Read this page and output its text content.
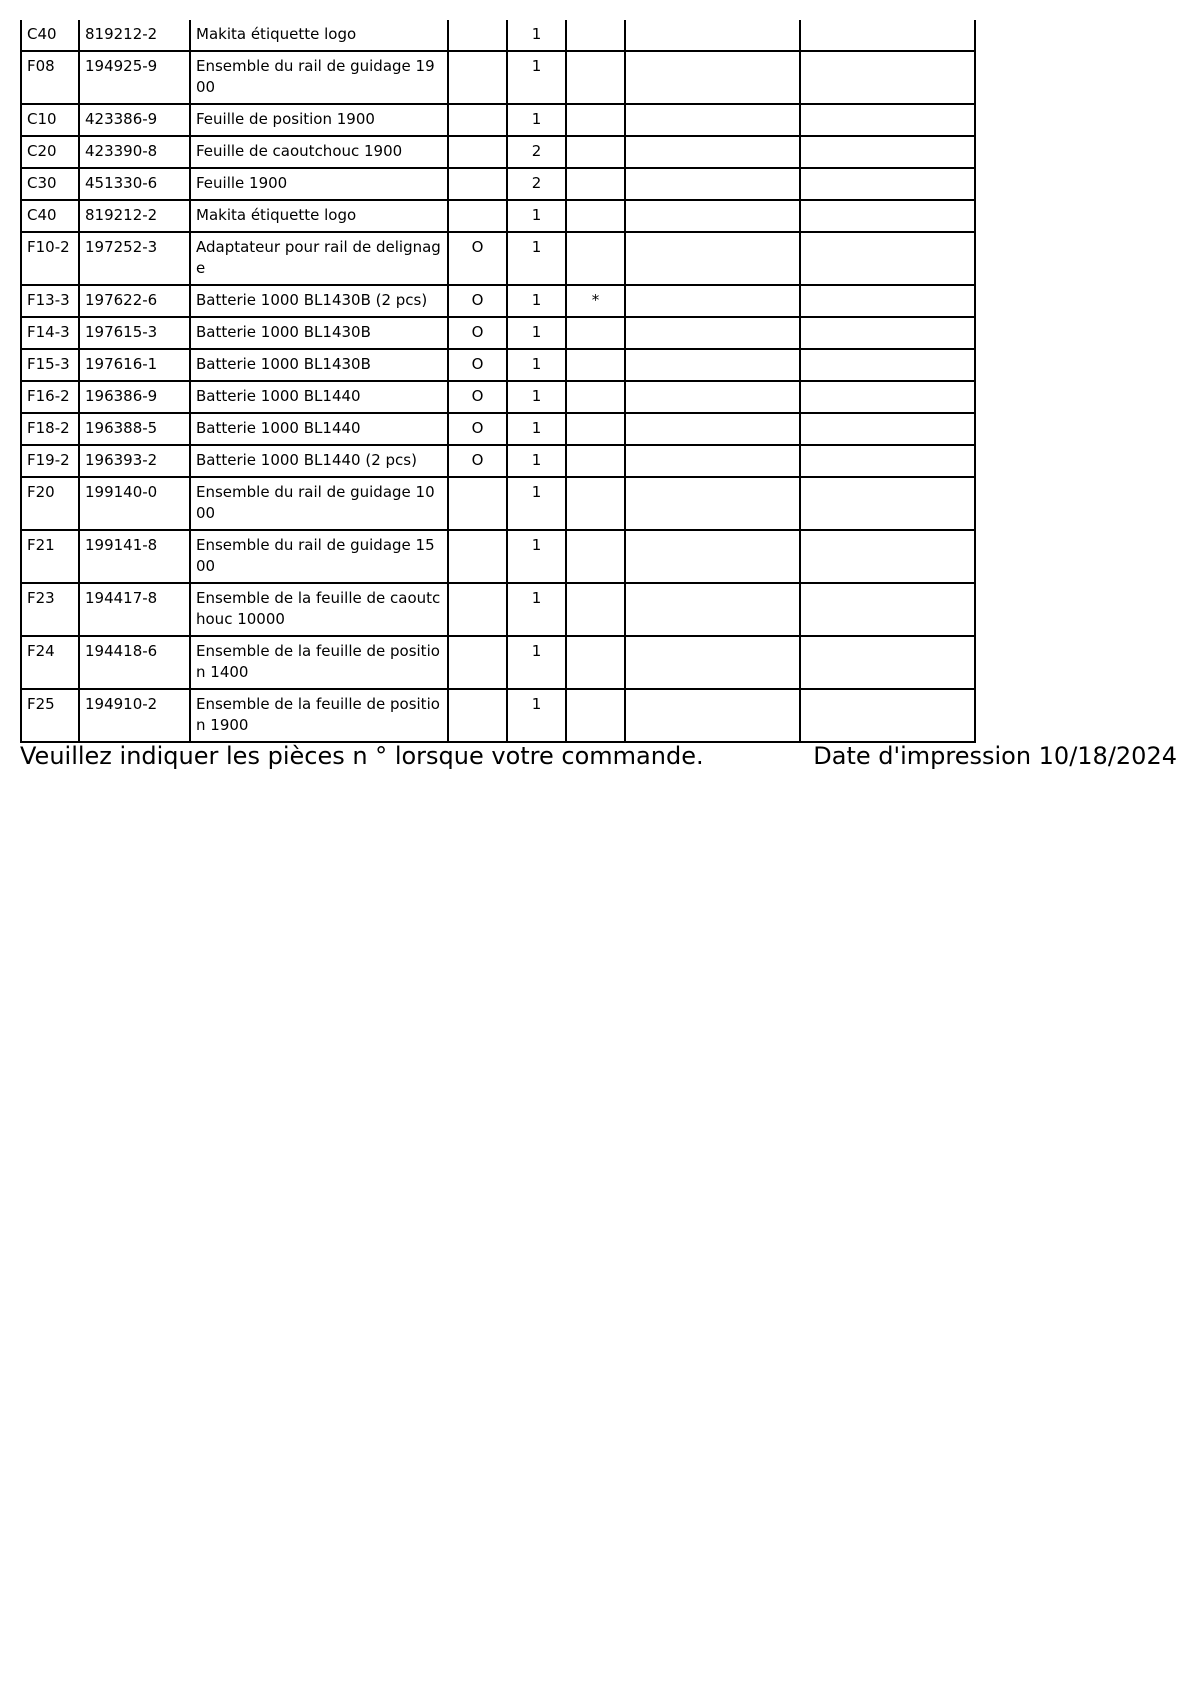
C40	819212-2	Makita étiquette logo		1			
F08	194925-9	Ensemble du rail de guidage 1900		1			
C10	423386-9	Feuille de position 1900		1			
C20	423390-8	Feuille de caoutchouc 1900		2			
C30	451330-6	Feuille 1900		2			
C40	819212-2	Makita étiquette logo		1			
F10-2	197252-3	Adaptateur pour rail de delignage	O	1			
F13-3	197622-6	Batterie 1000 BL1430B (2 pcs)	O	1	*		
F14-3	197615-3	Batterie 1000 BL1430B	O	1			
F15-3	197616-1	Batterie 1000 BL1430B	O	1			
F16-2	196386-9	Batterie 1000 BL1440	O	1			
F18-2	196388-5	Batterie 1000 BL1440	O	1			
F19-2	196393-2	Batterie 1000 BL1440 (2 pcs)	O	1			
F20	199140-0	Ensemble du rail de guidage 1000		1			
F21	199141-8	Ensemble du rail de guidage 1500		1			
F23	194417-8	Ensemble de la feuille de caoutchouc 10000		1			
F24	194418-6	Ensemble de la feuille de position 1400		1			
F25	194910-2	Ensemble de la feuille de position 1900		1			
Veuillez indiquer les pièces n ° lorsque votre commande.	Date d'impression 10/18/2024
